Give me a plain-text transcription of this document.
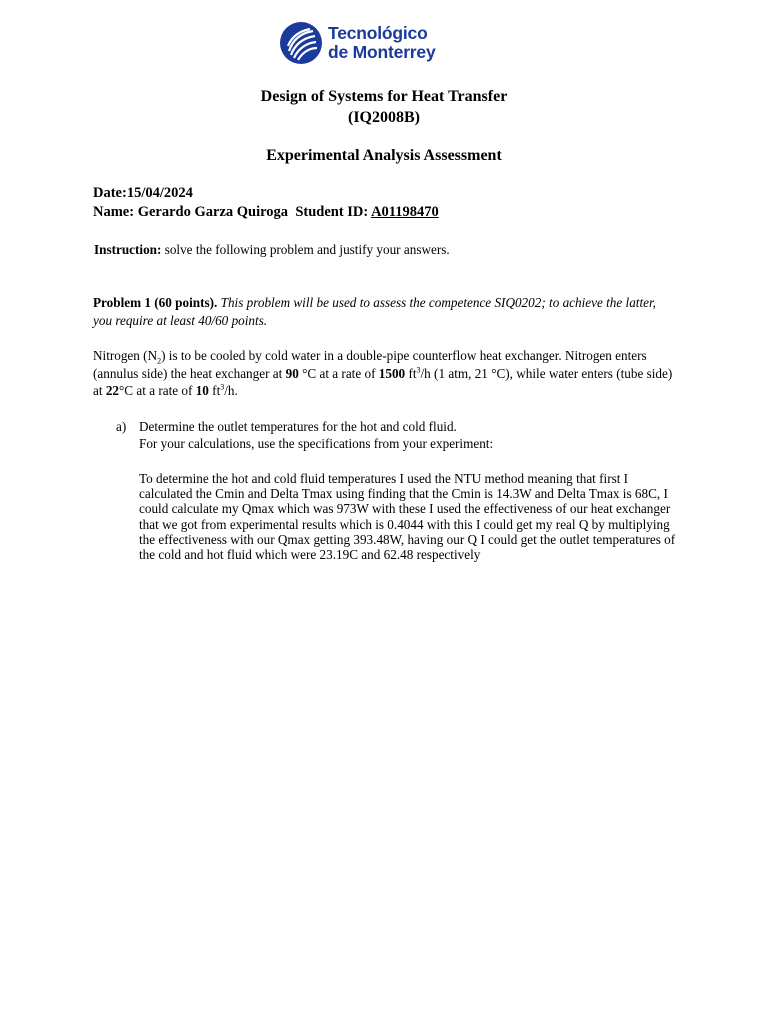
Tecnológico
de Monterrey
Design of Systems for Heat Transfer
(IQ2008B)
Experimental Analysis Assessment
Date:15/04/2024
Name: Gerardo Garza Quiroga Student ID: A01198470
Instruction: solve the following problem and justify your answers.
Problem 1 (60 points). This problem will be used to assess the competence SIQ0202; to achieve the latter, you require at least 40/60 points.
Nitrogen $(N_2)$ is to be cooled by cold water in a double-pipe counterflow heat exchanger. Nitrogen enters (annulus side) the heat exchanger at 90 °C at a rate of 1500 $ft^3/h$ (1 atm, 21 °C), while water enters (tube side) at 22°C at a rate of 10 $ft^3/h$.
a) Determine the outlet temperatures for the hot and cold fluid.
For your calculations, use the specifications from your experiment:
To determine the hot and cold fluid temperatures I used the NTU method meaning that first I calculated the Cmin and Delta Tmax using finding that the Cmin is 14.3W and Delta Tmax is 68C, I could calculate my Qmax which was 973W with these I used the effectiveness of our heat exchanger that we got from experimental results which is 0.4044 with this I could get my real Q by multiplying the effectiveness with our Qmax getting 393.48W, having our Q I could get the outlet temperatures of the cold and hot fluid which were 23.19C and 62.48 respectively
